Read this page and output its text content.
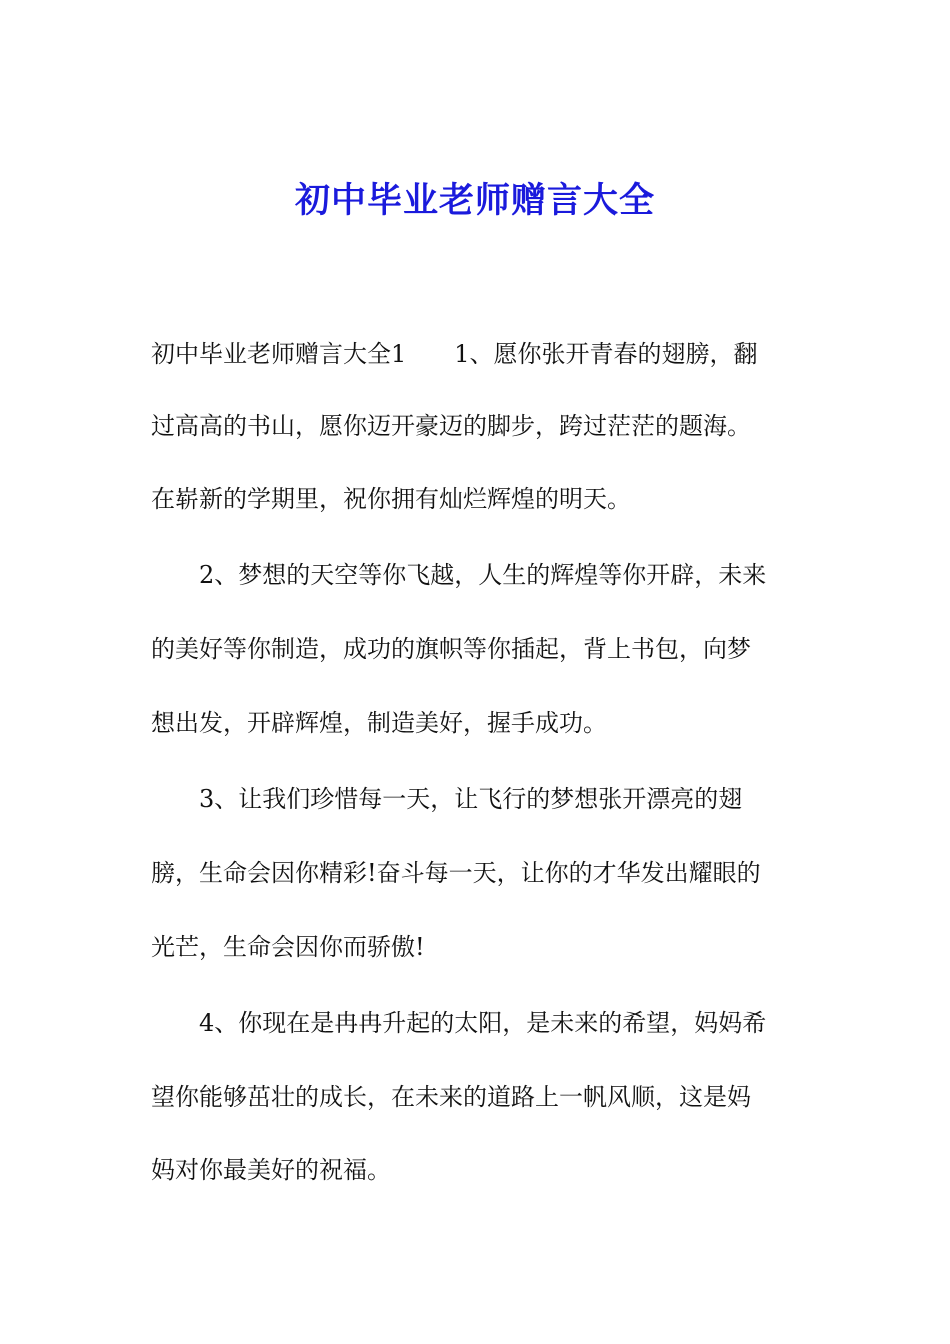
初中毕业老师赠言大全

初中毕业老师赠言大全1 1、愿你张开青春的翅膀，翻

过高高的书山，愿你迈开豪迈的脚步，跨过茫茫的题海。

在崭新的学期里，祝你拥有灿烂辉煌的明天。

2、梦想的天空等你飞越，人生的辉煌等你开辟，未来

的美好等你制造，成功的旗帜等你插起，背上书包，向梦

想出发，开辟辉煌，制造美好，握手成功。

3、让我们珍惜每一天，让飞行的梦想张开漂亮的翅

膀，生命会因你精彩!奋斗每一天，让你的才华发出耀眼的

光芒，生命会因你而骄傲!

4、你现在是冉冉升起的太阳，是未来的希望，妈妈希

望你能够茁壮的成长，在未来的道路上一帆风顺，这是妈

妈对你最美好的祝福。
